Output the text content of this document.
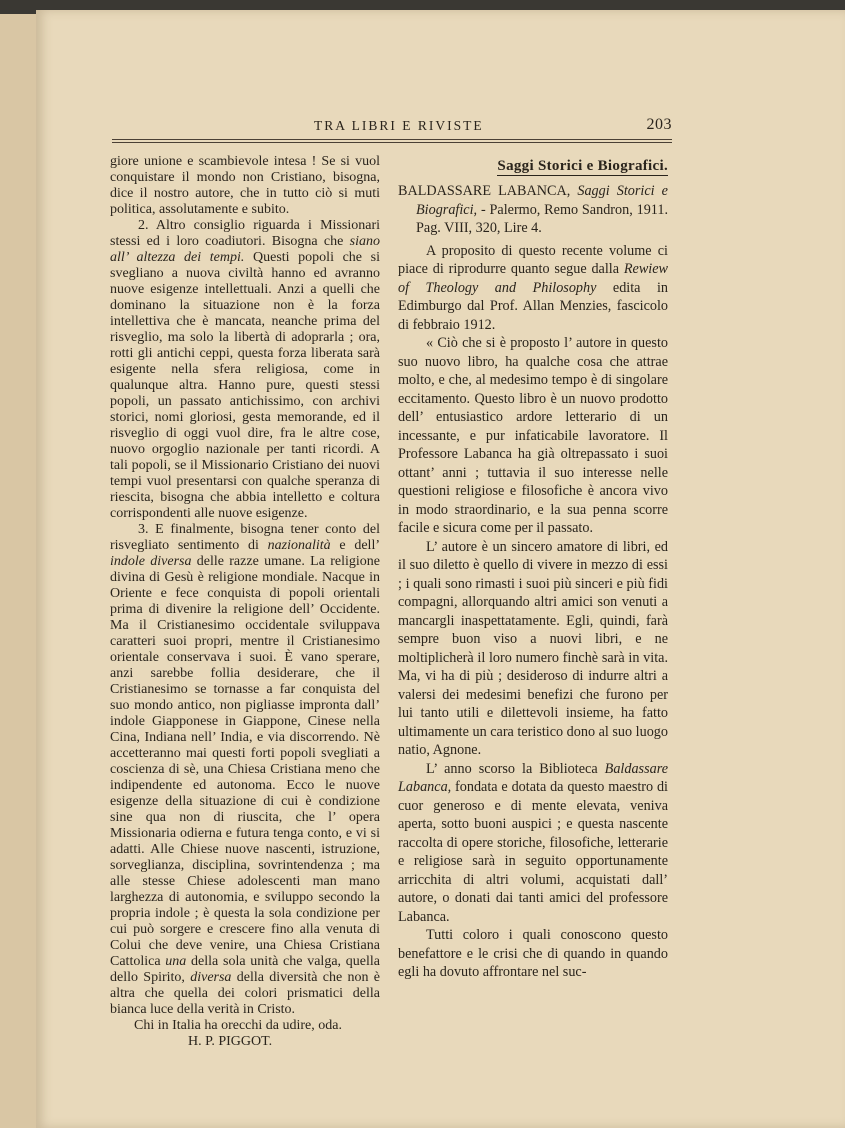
TRA LIBRI E RIVISTE	203

giore unione e scambievole intesa ! Se si vuol conquistare il mondo non Cristiano, bisogna, dice il nostro autore, che in tutto ciò si muti politica, assolutamente e subito.

2. Altro consiglio riguarda i Missionari stessi ed i loro coadiutori. Bisogna che siano all’ altezza dei tempi. Questi popoli che si svegliano a nuova civiltà hanno ed avranno nuove esigenze intellettuali. Anzi a quelli che dominano la situazione non è la forza intellettiva che è mancata, neanche prima del risveglio, ma solo la libertà di adoprarla ; ora, rotti gli antichi ceppi, questa forza liberata sarà esigente nella sfera religiosa, come in qualunque altra. Hanno pure, questi stessi popoli, un passato antichissimo, con archivi storici, nomi gloriosi, gesta memorande, ed il risveglio di oggi vuol dire, fra le altre cose, nuovo orgoglio nazionale per tanti ricordi. A tali popoli, se il Missionario Cristiano dei nuovi tempi vuol presentarsi con qualche speranza di riescita, bisogna che abbia intelletto e coltura corrispondenti alle nuove esigenze.

3. E finalmente, bisogna tener conto del risvegliato sentimento di nazionalità e dell’ indole diversa delle razze umane. La religione divina di Gesù è religione mondiale. Nacque in Oriente e fece conquista di popoli orientali prima di divenire la religione dell’ Occidente. Ma il Cristianesimo occidentale sviluppava caratteri suoi propri, mentre il Cristianesimo orientale conservava i suoi. È vano sperare, anzi sarebbe follia desiderare, che il Cristianesimo se tornasse a far conquista del suo mondo antico, non pigliasse impronta dall’ indole Giapponese in Giappone, Cinese nella Cina, Indiana nell’ India, e via discorrendo. Nè accetteranno mai questi forti popoli svegliati a coscienza di sè, una Chiesa Cristiana meno che indipendente ed autonoma. Ecco le nuove esigenze della situazione di cui è condizione sine qua non di riuscita, che l’ opera Missionaria odierna e futura tenga conto, e vi si adatti. Alle Chiese nuove nascenti, istruzione, sorveglianza, disciplina, sovrintendenza ; ma alle stesse Chiese adolescenti man mano larghezza di autonomia, e sviluppo secondo la propria indole ; è questa la sola condizione per cui può sorgere e crescere fino alla venuta di Colui che deve venire, una Chiesa Cristiana Cattolica una della sola unità che valga, quella dello Spirito, diversa della diversità che non è altra che quella dei colori prismatici della bianca luce della verità in Cristo.

Chi in Italia ha orecchi da udire, oda.
H. P. PIGGOT.
Saggi Storici e Biografici.

BALDASSARE LABANCA, Saggi Storici e Biografici, - Palermo, Remo Sandron, 1911. Pag. VIII, 320, Lire 4.

A proposito di questo recente volume ci piace di riprodurre quanto segue dalla Rewiew of Theology and Philosophy edita in Edimburgo dal Prof. Allan Menzies, fascicolo di febbraio 1912.

« Ciò che si è proposto l’ autore in questo suo nuovo libro, ha qualche cosa che attrae molto, e che, al medesimo tempo è di singolare eccitamento. Questo libro è un nuovo prodotto dell’ entusiastico ardore letterario di un incessante, e pur infaticabile lavoratore. Il Professore Labanca ha già oltrepassato i suoi ottant’ anni ; tuttavia il suo interesse nelle questioni religiose e filosofiche è ancora vivo in modo straordinario, e la sua penna scorre facile e sicura come per il passato.

L’ autore è un sincero amatore di libri, ed il suo diletto è quello di vivere in mezzo di essi ; i quali sono rimasti i suoi più sinceri e più fidi compagni, allorquando altri amici son venuti a mancargli inaspettatamente. Egli, quindi, farà sempre buon viso a nuovi libri, e ne moltiplicherà il loro numero finchè sarà in vita. Ma, vi ha di più ; desideroso di indurre altri a valersi dei medesimi benefizi che furono per lui tanto utili e dilettevoli insieme, ha fatto ultimamente un cara teristico dono al suo luogo natio, Agnone.

L’ anno scorso la Biblioteca Baldassare Labanca, fondata e dotata da questo maestro di cuor generoso e di mente elevata, veniva aperta, sotto buoni auspici ; e questa nascente raccolta di opere storiche, filosofiche, letterarie e religiose sarà in seguito opportunamente arricchita di altri volumi, acquistati dall’ autore, o donati dai tanti amici del professore Labanca.

Tutti coloro i quali conoscono questo benefattore e le crisi che di quando in quando egli ha dovuto affrontare nel suc-
